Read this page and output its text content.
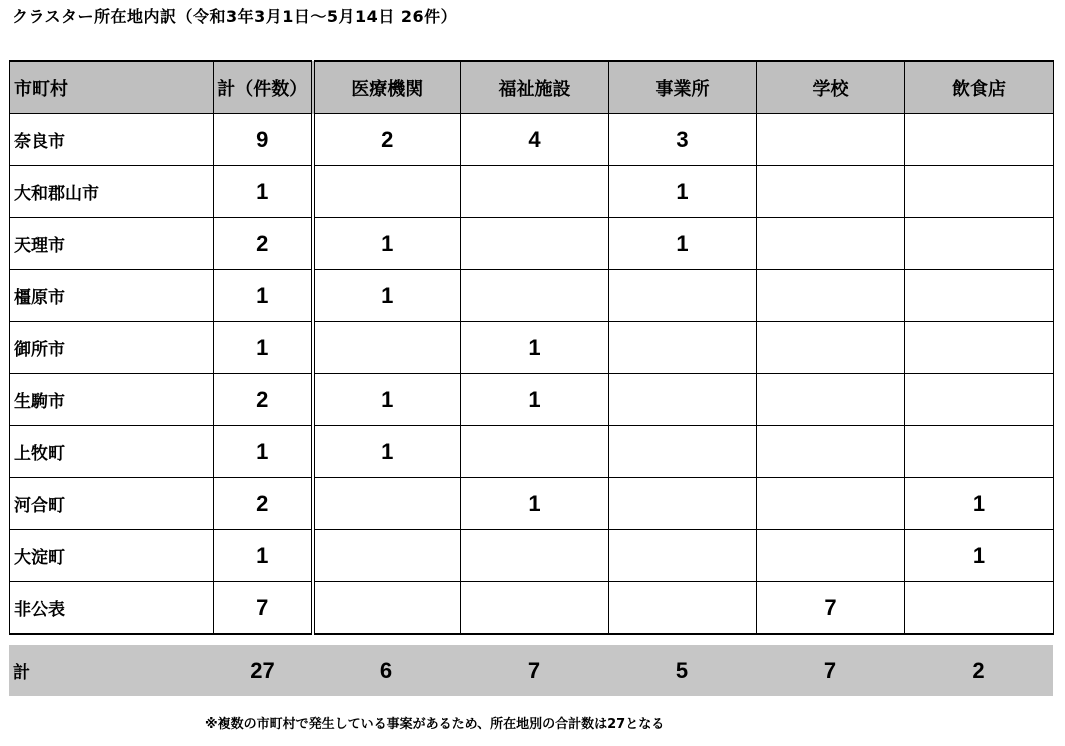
クラスター所在地内訳（令和3年3月1日～5月14日 26件）
市町村	計（件数）	医療機関	福祉施設	事業所	学校	飲食店
奈良市	9	2	4	3		
大和郡山市	1			1		
天理市	2	1		1		
橿原市	1	1				
御所市	1		1			
生駒市	2	1	1			
上牧町	1	1				
河合町	2		1			1
大淀町	1					1
非公表	7				7	
計	27	6	7	5	7	2
※複数の市町村で発生している事案があるため、所在地別の合計数は27となる
